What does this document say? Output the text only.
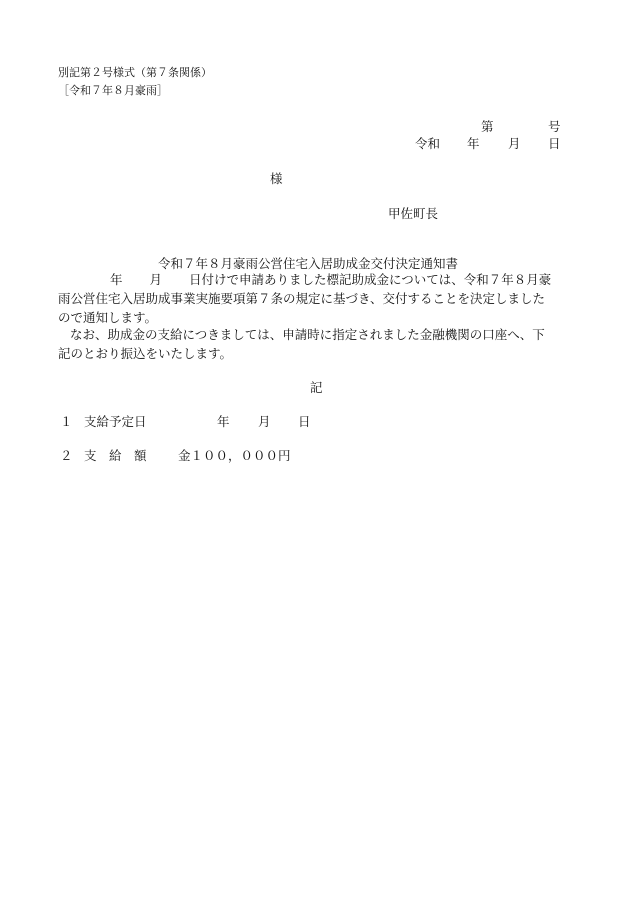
別記第２号様式（第７条関係）
［令和７年８月豪雨］
第	号
令和 年 月 日
様
甲佐町長
令和７年８月豪雨公営住宅入居助成金交付決定通知書
年 月 日付けで申請ありました標記助成金については、令和７年８月豪
雨公営住宅入居助成事業実施要項第７条の規定に基づき、交付することを決定しました
ので通知します。
なお、助成金の支給につきましては、申請時に指定されました金融機関の口座へ、下
記のとおり振込をいたします。
記
１ 支給予定日	年 月 日
２ 支　給　額	金１００，０００円
